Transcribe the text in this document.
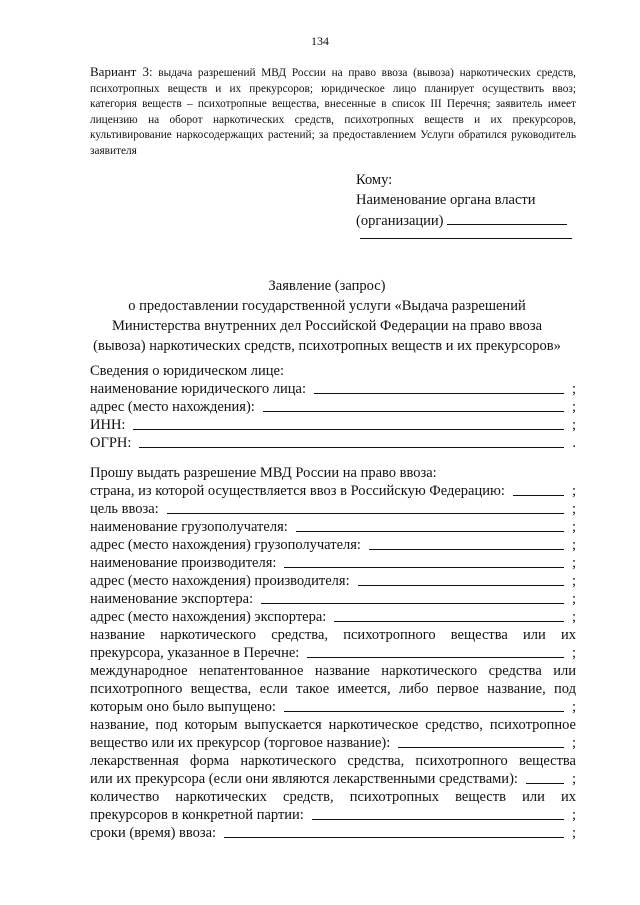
134
Вариант 3: выдача разрешений МВД России на право ввоза (вывоза) наркотических средств, психотропных веществ и их прекурсоров; юридическое лицо планирует осуществить ввоз; категория веществ – психотропные вещества, внесенные в список III Перечня; заявитель имеет лицензию на оборот наркотических средств, психотропных веществ и их прекурсоров, культивирование наркосодержащих растений; за предоставлением Услуги обратился руководитель заявителя
Кому:
Наименование органа власти
(организации)
Заявление (запрос)
о предоставлении государственной услуги «Выдача разрешений
Министерства внутренних дел Российской Федерации на право ввоза
(вывоза) наркотических средств, психотропных веществ и их прекурсоров»
Сведения о юридическом лице:
наименование юридического лица:	;
адрес (место нахождения):	;
ИНН:	;
ОГРН:	.
Прошу выдать разрешение МВД России на право ввоза:
страна, из которой осуществляется ввоз в Российскую Федерацию:	;
цель ввоза:	;
наименование грузополучателя:	;
адрес (место нахождения) грузополучателя:	;
наименование производителя:	;
адрес (место нахождения) производителя:	;
наименование экспортера:	;
адрес (место нахождения) экспортера:	;
название наркотического средства, психотропного вещества или их
прекурсора, указанное в Перечне:	;
международное непатентованное название наркотического средства или
психотропного вещества, если такое имеется, либо первое название, под
которым оно было выпущено:	;
название, под которым выпускается наркотическое средство, психотропное
вещество или их прекурсор (торговое название):	;
лекарственная форма наркотического средства, психотропного вещества
или их прекурсора (если они являются лекарственными средствами):	;
количество наркотических средств, психотропных веществ или их
прекурсоров в конкретной партии:	;
сроки (время) ввоза:	;
